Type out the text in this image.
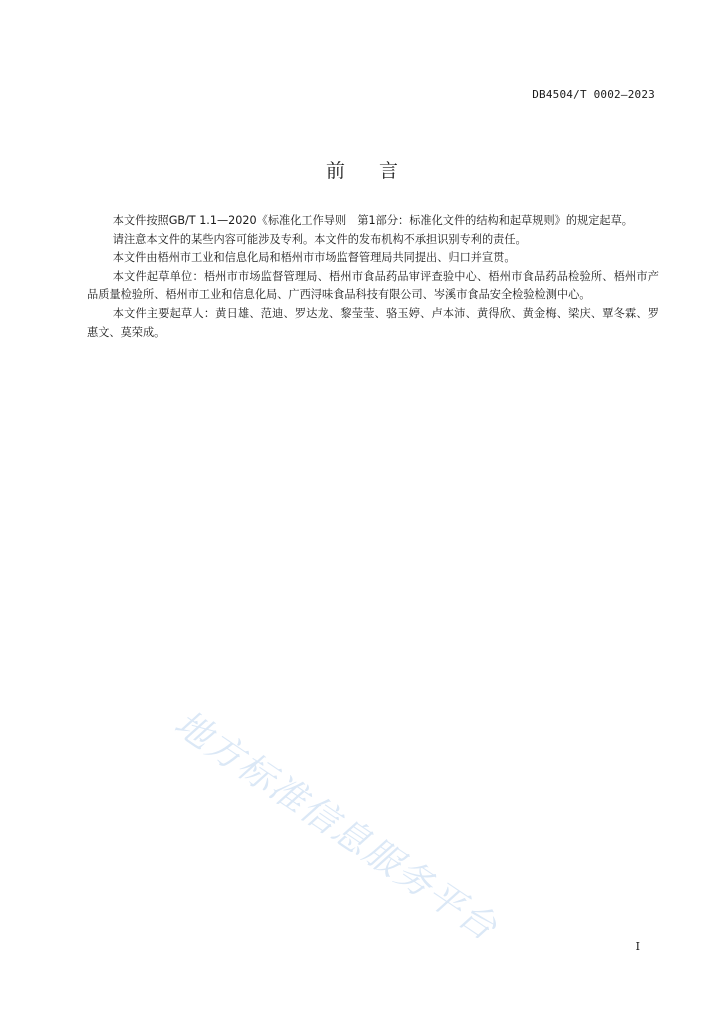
DB4504/T 0002—2023
前言

本文件按照GB/T 1.1—2020《标准化工作导则　第1部分：标准化文件的结构和起草规则》的规定起草。

请注意本文件的某些内容可能涉及专利。本文件的发布机构不承担识别专利的责任。

本文件由梧州市工业和信息化局和梧州市市场监督管理局共同提出、归口并宣贯。

本文件起草单位：梧州市市场监督管理局、梧州市食品药品审评查验中心、梧州市食品药品检验所、梧州市产品质量检验所、梧州市工业和信息化局、广西浔味食品科技有限公司、岑溪市食品安全检验检测中心。

本文件主要起草人：黄日雄、范迪、罗达龙、黎莹莹、骆玉婷、卢本沛、黄得欣、黄金梅、梁庆、覃冬霖、罗惠文、莫荣成。

地方标准信息服务平台	I
